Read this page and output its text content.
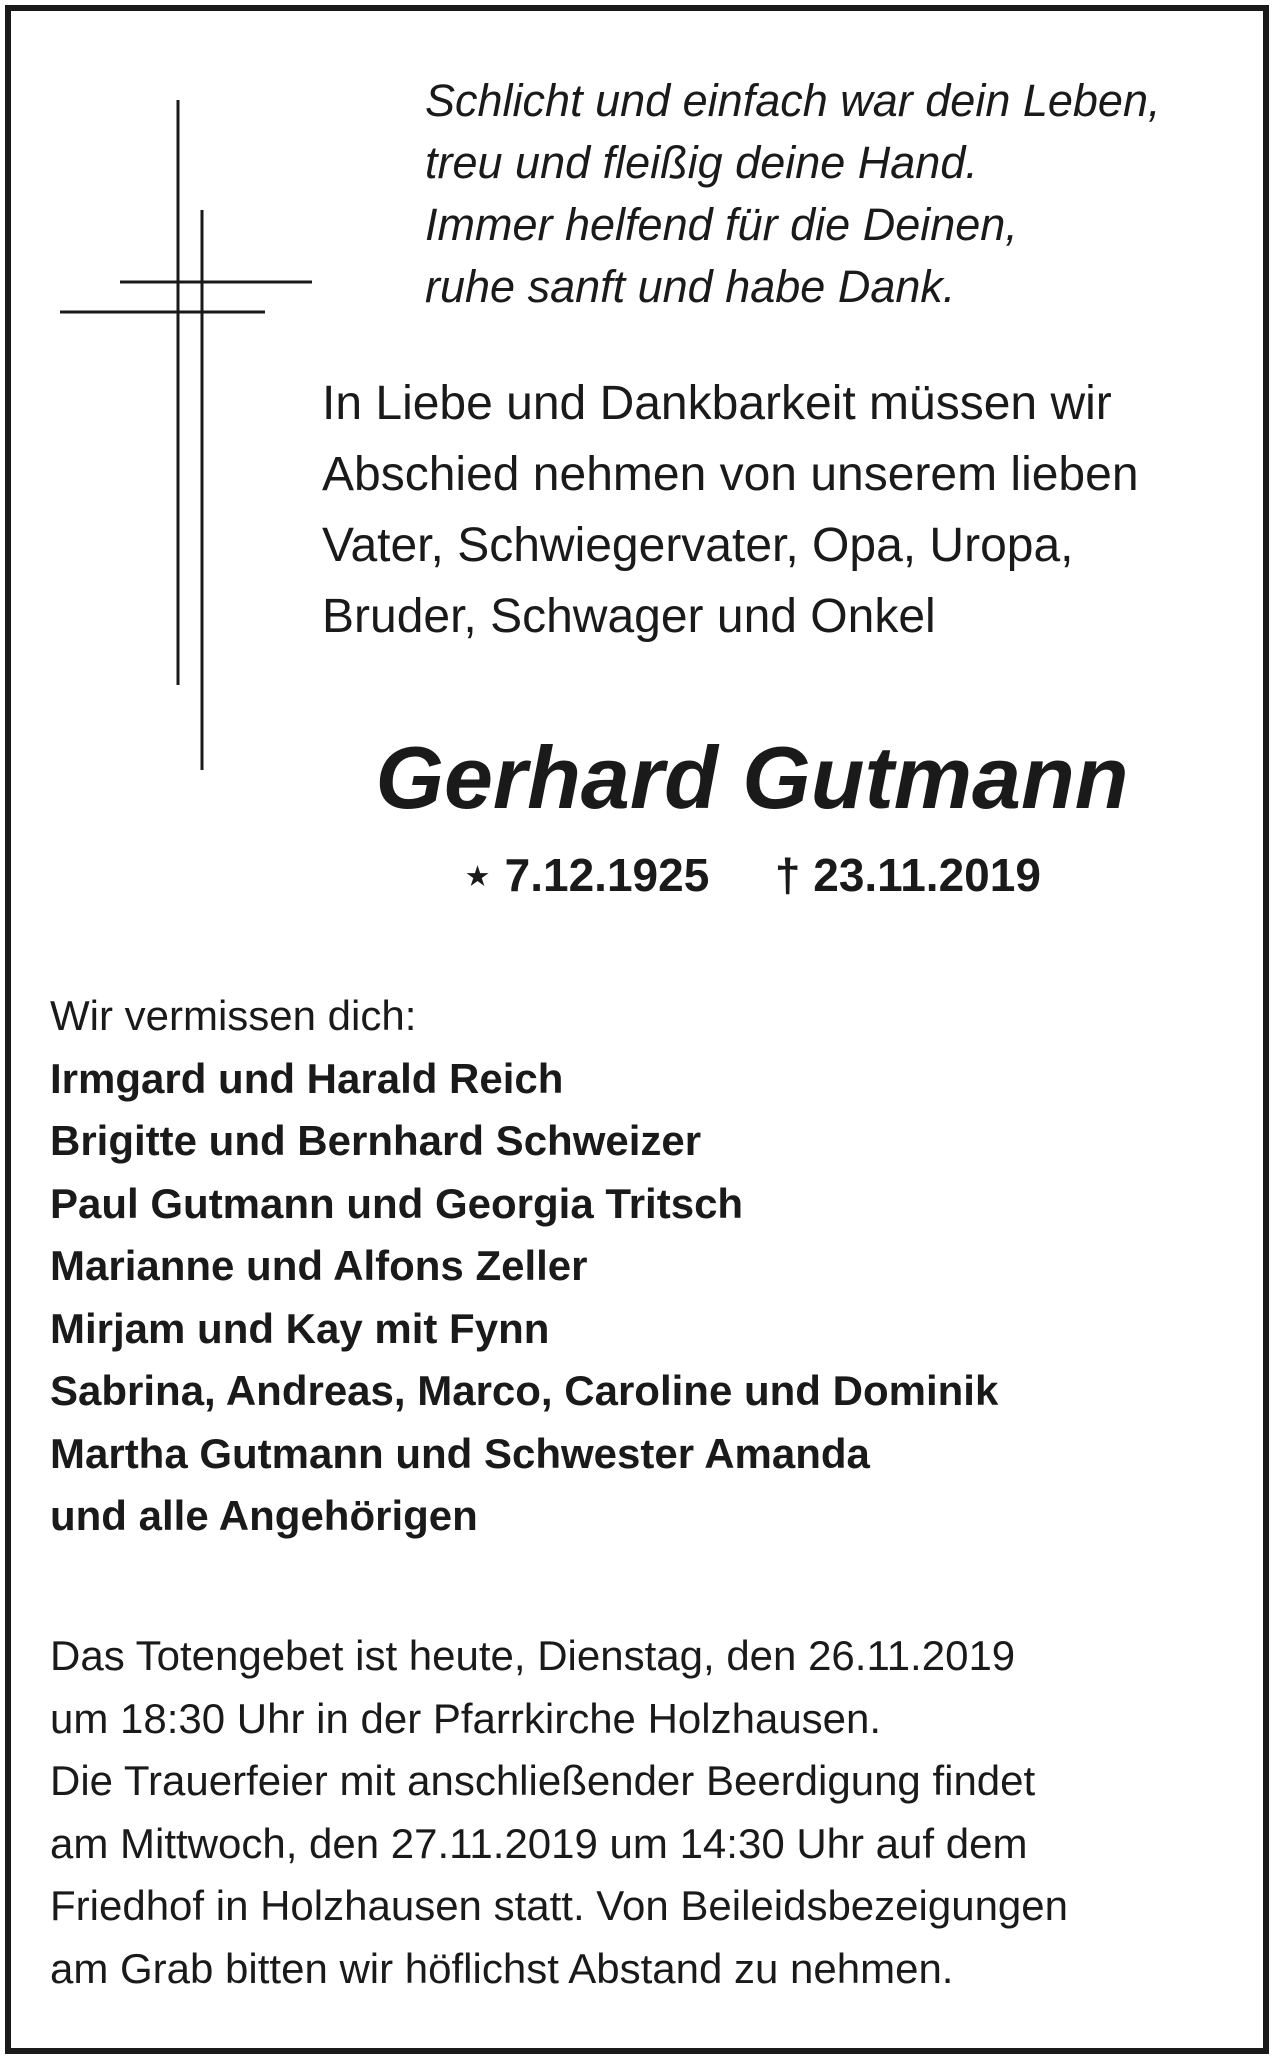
Schlicht und einfach war dein Leben,
treu und fleißig deine Hand.
Immer helfend für die Deinen,
ruhe sanft und habe Dank.
In Liebe und Dankbarkeit müssen wir
Abschied nehmen von unserem lieben
Vater, Schwiegervater, Opa, Uropa,
Bruder, Schwager und Onkel
Gerhard Gutmann
⋆ 7.12.1925 † 23.11.2019
Wir vermissen dich:
Irmgard und Harald Reich
Brigitte und Bernhard Schweizer
Paul Gutmann und Georgia Tritsch
Marianne und Alfons Zeller
Mirjam und Kay mit Fynn
Sabrina, Andreas, Marco, Caroline und Dominik
Martha Gutmann und Schwester Amanda
und alle Angehörigen
Das Totengebet ist heute, Dienstag, den 26.11.2019
um 18:30 Uhr in der Pfarrkirche Holzhausen.
Die Trauerfeier mit anschließender Beerdigung findet
am Mittwoch, den 27.11.2019 um 14:30 Uhr auf dem
Friedhof in Holzhausen statt. Von Beileidsbezeigungen
am Grab bitten wir höflichst Abstand zu nehmen.
